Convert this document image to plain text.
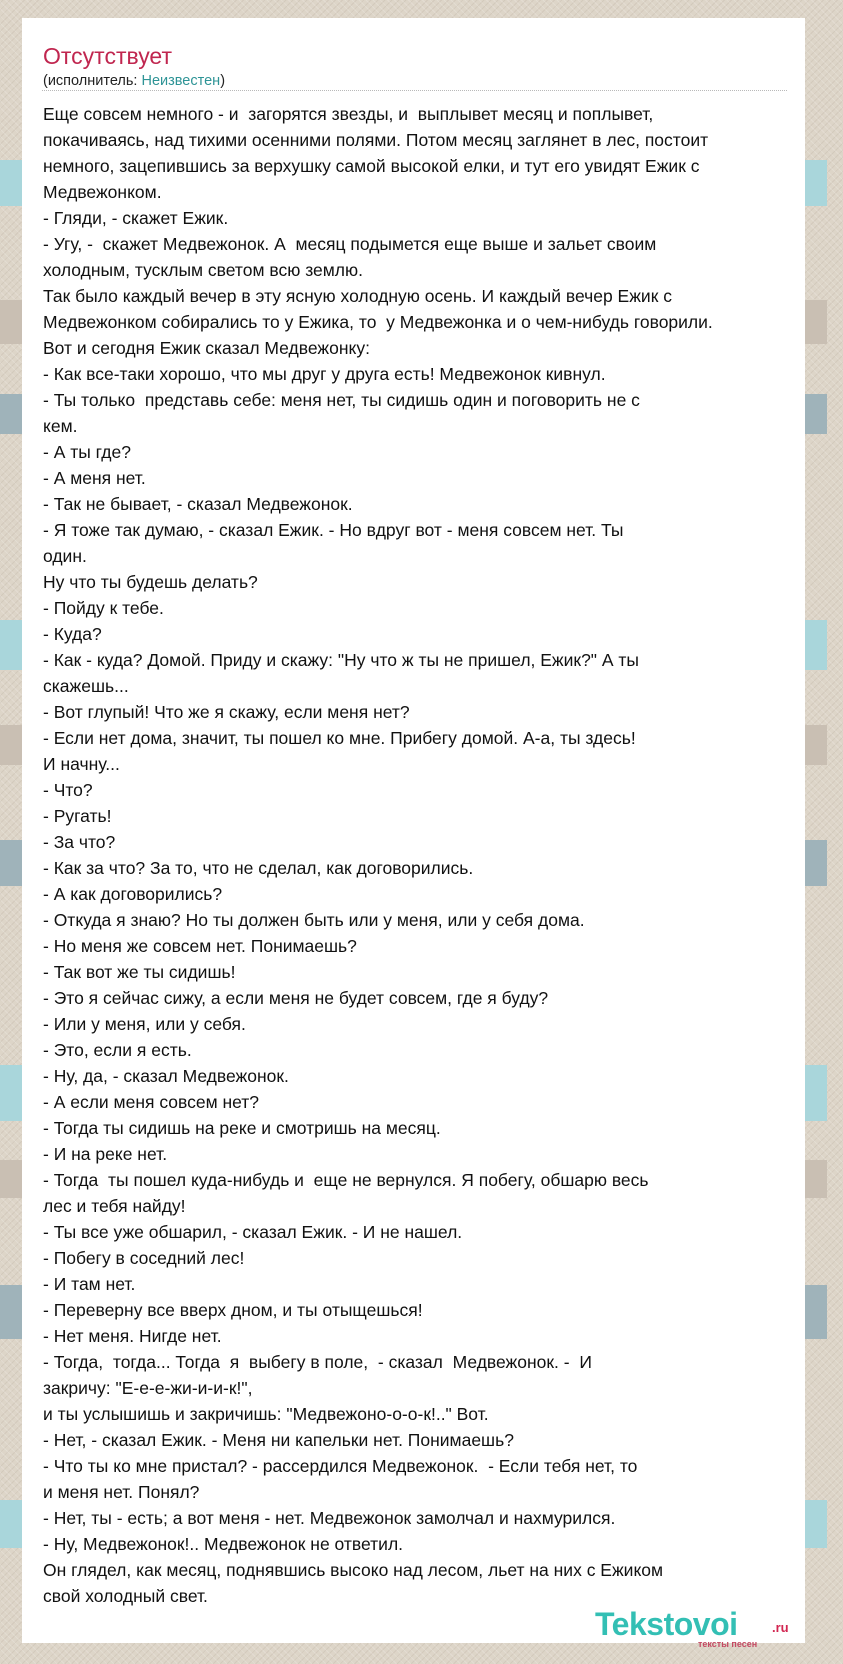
Отсутствует
(исполнитель: Неизвестен)
Еще совсем немного - и  загорятся звезды, и  выплывет месяц и поплывет,
покачиваясь, над тихими осенними полями. Потом месяц заглянет в лес, постоит
немного, зацепившись за верхушку самой высокой елки, и тут его увидят Ежик с
Медвежонком.
- Гляди, - скажет Ежик.
- Угу, -  скажет Медвежонок. А  месяц подымется еще выше и зальет своим
холодным, тусклым светом всю землю.
Так было каждый вечер в эту ясную холодную осень. И каждый вечер Ежик с
Медвежонком собирались то у Ежика, то  у Медвежонка и о чем-нибудь говорили.
Вот и сегодня Ежик сказал Медвежонку:
- Как все-таки хорошо, что мы друг у друга есть! Медвежонок кивнул.
- Ты только  представь себе: меня нет, ты сидишь один и поговорить не с
кем.
- А ты где?
- А меня нет.
- Так не бывает, - сказал Медвежонок.
- Я тоже так думаю, - сказал Ежик. - Но вдруг вот - меня совсем нет. Ты
один.
Ну что ты будешь делать?
- Пойду к тебе.
- Куда?
- Как - куда? Домой. Приду и скажу: "Ну что ж ты не пришел, Ежик?" А ты
скажешь...
- Вот глупый! Что же я скажу, если меня нет?
- Если нет дома, значит, ты пошел ко мне. Прибегу домой. А-а, ты здесь!
И начну...
- Что?
- Ругать!
- За что?
- Как за что? За то, что не сделал, как договорились.
- А как договорились?
- Откуда я знаю? Но ты должен быть или у меня, или у себя дома.
- Но меня же совсем нет. Понимаешь?
- Так вот же ты сидишь!
- Это я сейчас сижу, а если меня не будет совсем, где я буду?
- Или у меня, или у себя.
- Это, если я есть.
- Ну, да, - сказал Медвежонок.
- А если меня совсем нет?
- Тогда ты сидишь на реке и смотришь на месяц.
- И на реке нет.
- Тогда  ты пошел куда-нибудь и  еще не вернулся. Я побегу, обшарю весь
лес и тебя найду!
- Ты все уже обшарил, - сказал Ежик. - И не нашел.
- Побегу в соседний лес!
- И там нет.
- Переверну все вверх дном, и ты отыщешься!
- Нет меня. Нигде нет.
- Тогда,  тогда... Тогда  я  выбегу в поле,  - сказал  Медвежонок. -  И
закричу: "Е-е-е-жи-и-и-к!",
и ты услышишь и закричишь: "Медвежоно-о-о-к!.." Вот.
- Нет, - сказал Ежик. - Меня ни капельки нет. Понимаешь?
- Что ты ко мне пристал? - рассердился Медвежонок.  - Если тебя нет, то
и меня нет. Понял?
- Нет, ты - есть; а вот меня - нет. Медвежонок замолчал и нахмурился.
- Ну, Медвежонок!.. Медвежонок не ответил.
Он глядел, как месяц, поднявшись высоко над лесом, льет на них с Ежиком
свой холодный свет.
Tekstovoi	.ru
тексты песен
